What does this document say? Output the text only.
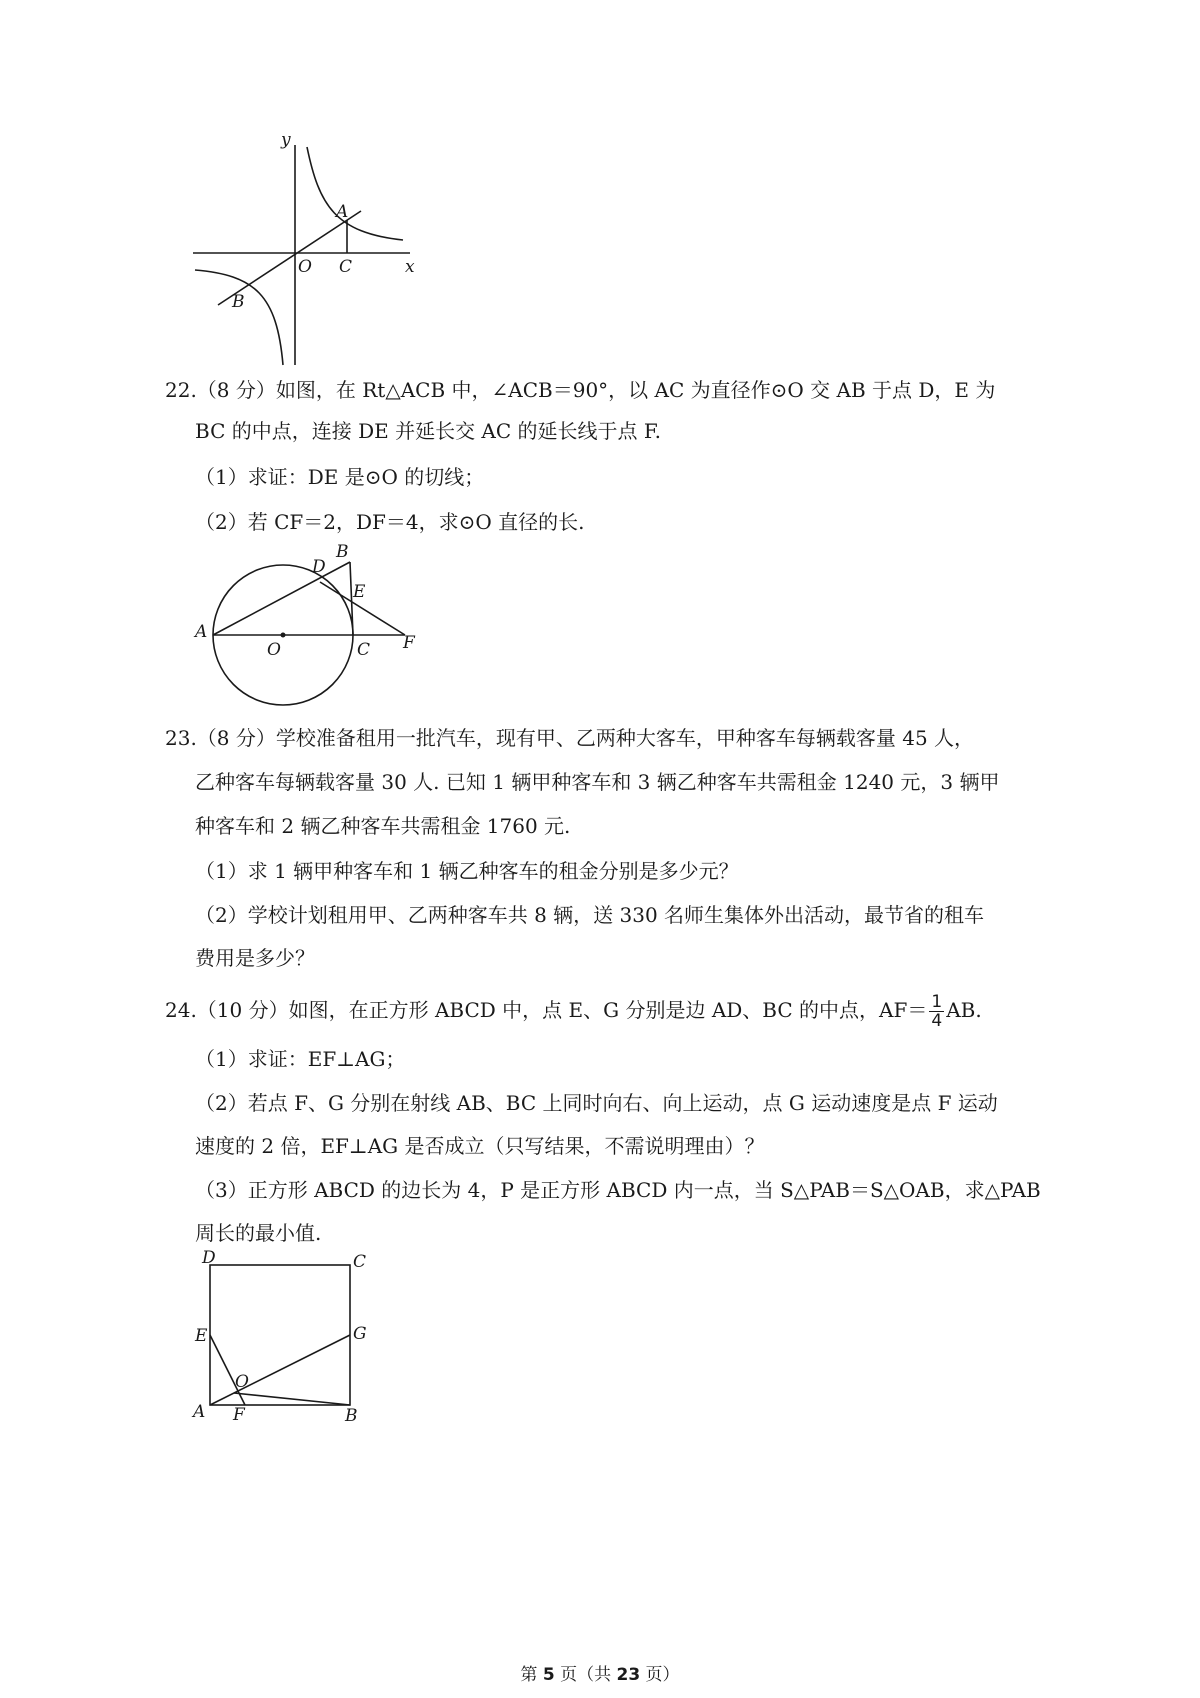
y
x
A
B
O C
22.（8 分）如图，在 Rt△ACB 中，∠ACB＝90°，以 AC 为直径作⊙O 交 AB 于点 D，E 为
BC 的中点，连接 DE 并延长交 AC 的延长线于点 F.
（1）求证：DE 是⊙O 的切线；
（2）若 CF＝2，DF＝4，求⊙O 直径的长.
A
B
D
E
O	C F
23.（8 分）学校准备租用一批汽车，现有甲、乙两种大客车，甲种客车每辆载客量 45 人，
乙种客车每辆载客量 30 人. 已知 1 辆甲种客车和 3 辆乙种客车共需租金 1240 元，3 辆甲
种客车和 2 辆乙种客车共需租金 1760 元.
（1）求 1 辆甲种客车和 1 辆乙种客车的租金分别是多少元？
（2）学校计划租用甲、乙两种客车共 8 辆，送 330 名师生集体外出活动，最节省的租车
费用是多少？
24.（10 分）如图，在正方形 ABCD 中，点 E、G 分别是边 AD、BC 的中点，$AF= \frac{1}{4}$ AB.
（1）求证：EF⊥AG；
（2）若点 F、G 分别在射线 AB、BC 上同时向右、向上运动，点 G 运动速度是点 F 运动
速度的 2 倍，EF⊥AG 是否成立（只写结果，不需说明理由）？
（3）正方形 ABCD 的边长为 4，P 是正方形 ABCD 内一点，当 S△PAB＝S△OAB，求△PAB
周长的最小值.
D	C
E	G
O
A F	B
第 5 页（共 23 页）
